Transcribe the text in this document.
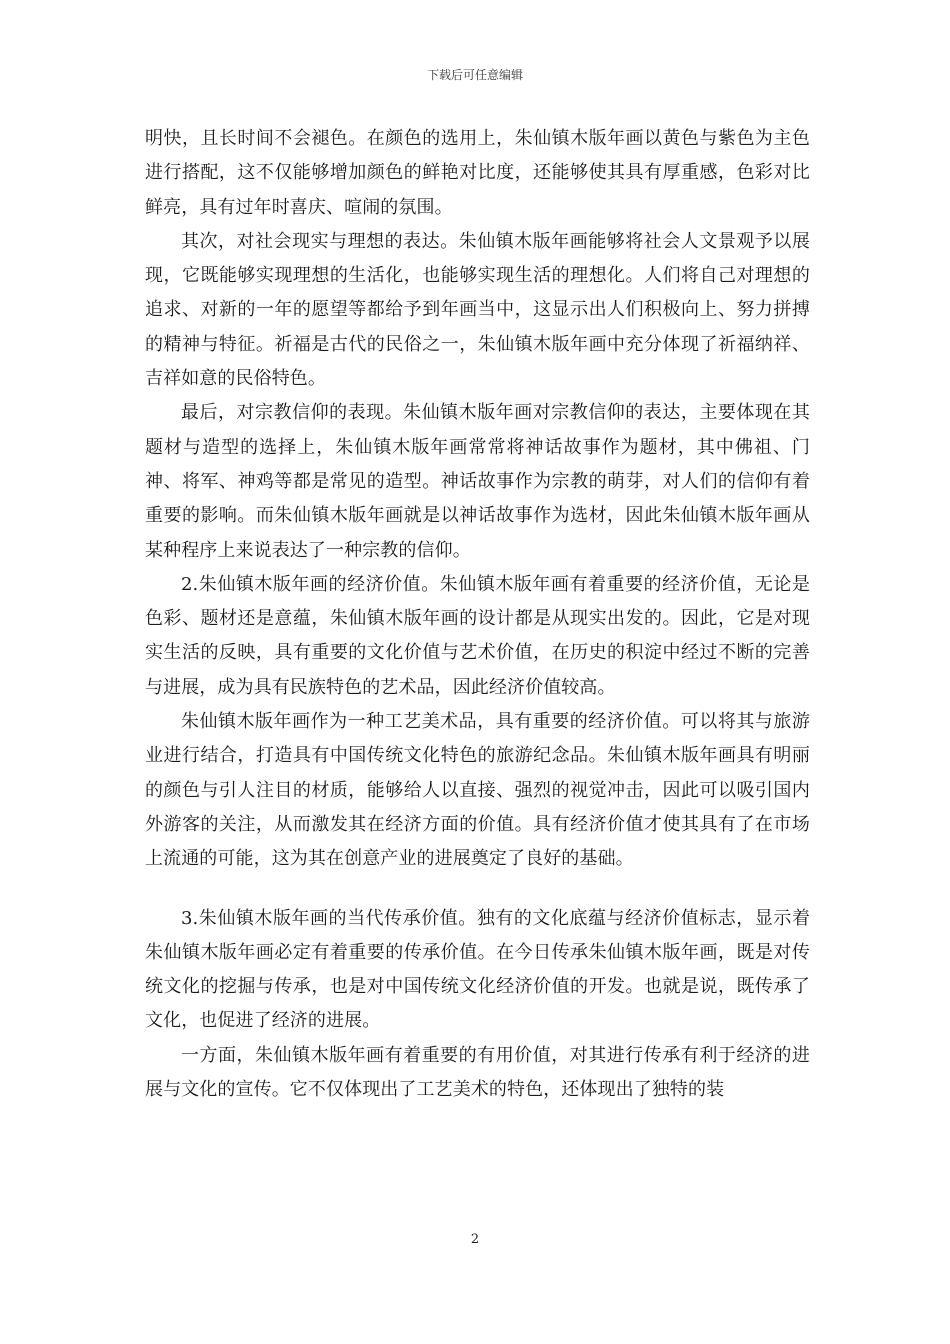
下载后可任意编辑

明快，且长时间不会褪色。在颜色的选用上，朱仙镇木版年画以黄色与紫色为主色进行搭配，这不仅能够增加颜色的鲜艳对比度，还能够使其具有厚重感，色彩对比鲜亮，具有过年时喜庆、喧闹的氛围。

其次，对社会现实与理想的表达。朱仙镇木版年画能够将社会人文景观予以展现，它既能够实现理想的生活化，也能够实现生活的理想化。人们将自己对理想的追求、对新的一年的愿望等都给予到年画当中，这显示出人们积极向上、努力拼搏的精神与特征。祈福是古代的民俗之一，朱仙镇木版年画中充分体现了祈福纳祥、吉祥如意的民俗特色。

最后，对宗教信仰的表现。朱仙镇木版年画对宗教信仰的表达，主要体现在其题材与造型的选择上，朱仙镇木版年画常常将神话故事作为题材，其中佛祖、门神、将军、神鸡等都是常见的造型。神话故事作为宗教的萌芽，对人们的信仰有着重要的影响。而朱仙镇木版年画就是以神话故事作为选材，因此朱仙镇木版年画从某种程序上来说表达了一种宗教的信仰。

2.朱仙镇木版年画的经济价值。朱仙镇木版年画有着重要的经济价值，无论是色彩、题材还是意蕴，朱仙镇木版年画的设计都是从现实出发的。因此，它是对现实生活的反映，具有重要的文化价值与艺术价值，在历史的积淀中经过不断的完善与进展，成为具有民族特色的艺术品，因此经济价值较高。

朱仙镇木版年画作为一种工艺美术品，具有重要的经济价值。可以将其与旅游业进行结合，打造具有中国传统文化特色的旅游纪念品。朱仙镇木版年画具有明丽的颜色与引人注目的材质，能够给人以直接、强烈的视觉冲击，因此可以吸引国内外游客的关注，从而激发其在经济方面的价值。具有经济价值才使其具有了在市场上流通的可能，这为其在创意产业的进展奠定了良好的基础。

3.朱仙镇木版年画的当代传承价值。独有的文化底蕴与经济价值标志，显示着朱仙镇木版年画必定有着重要的传承价值。在今日传承朱仙镇木版年画，既是对传统文化的挖掘与传承，也是对中国传统文化经济价值的开发。也就是说，既传承了文化，也促进了经济的进展。

一方面，朱仙镇木版年画有着重要的有用价值，对其进行传承有利于经济的进展与文化的宣传。它不仅体现出了工艺美术的特色，还体现出了独特的装

2
